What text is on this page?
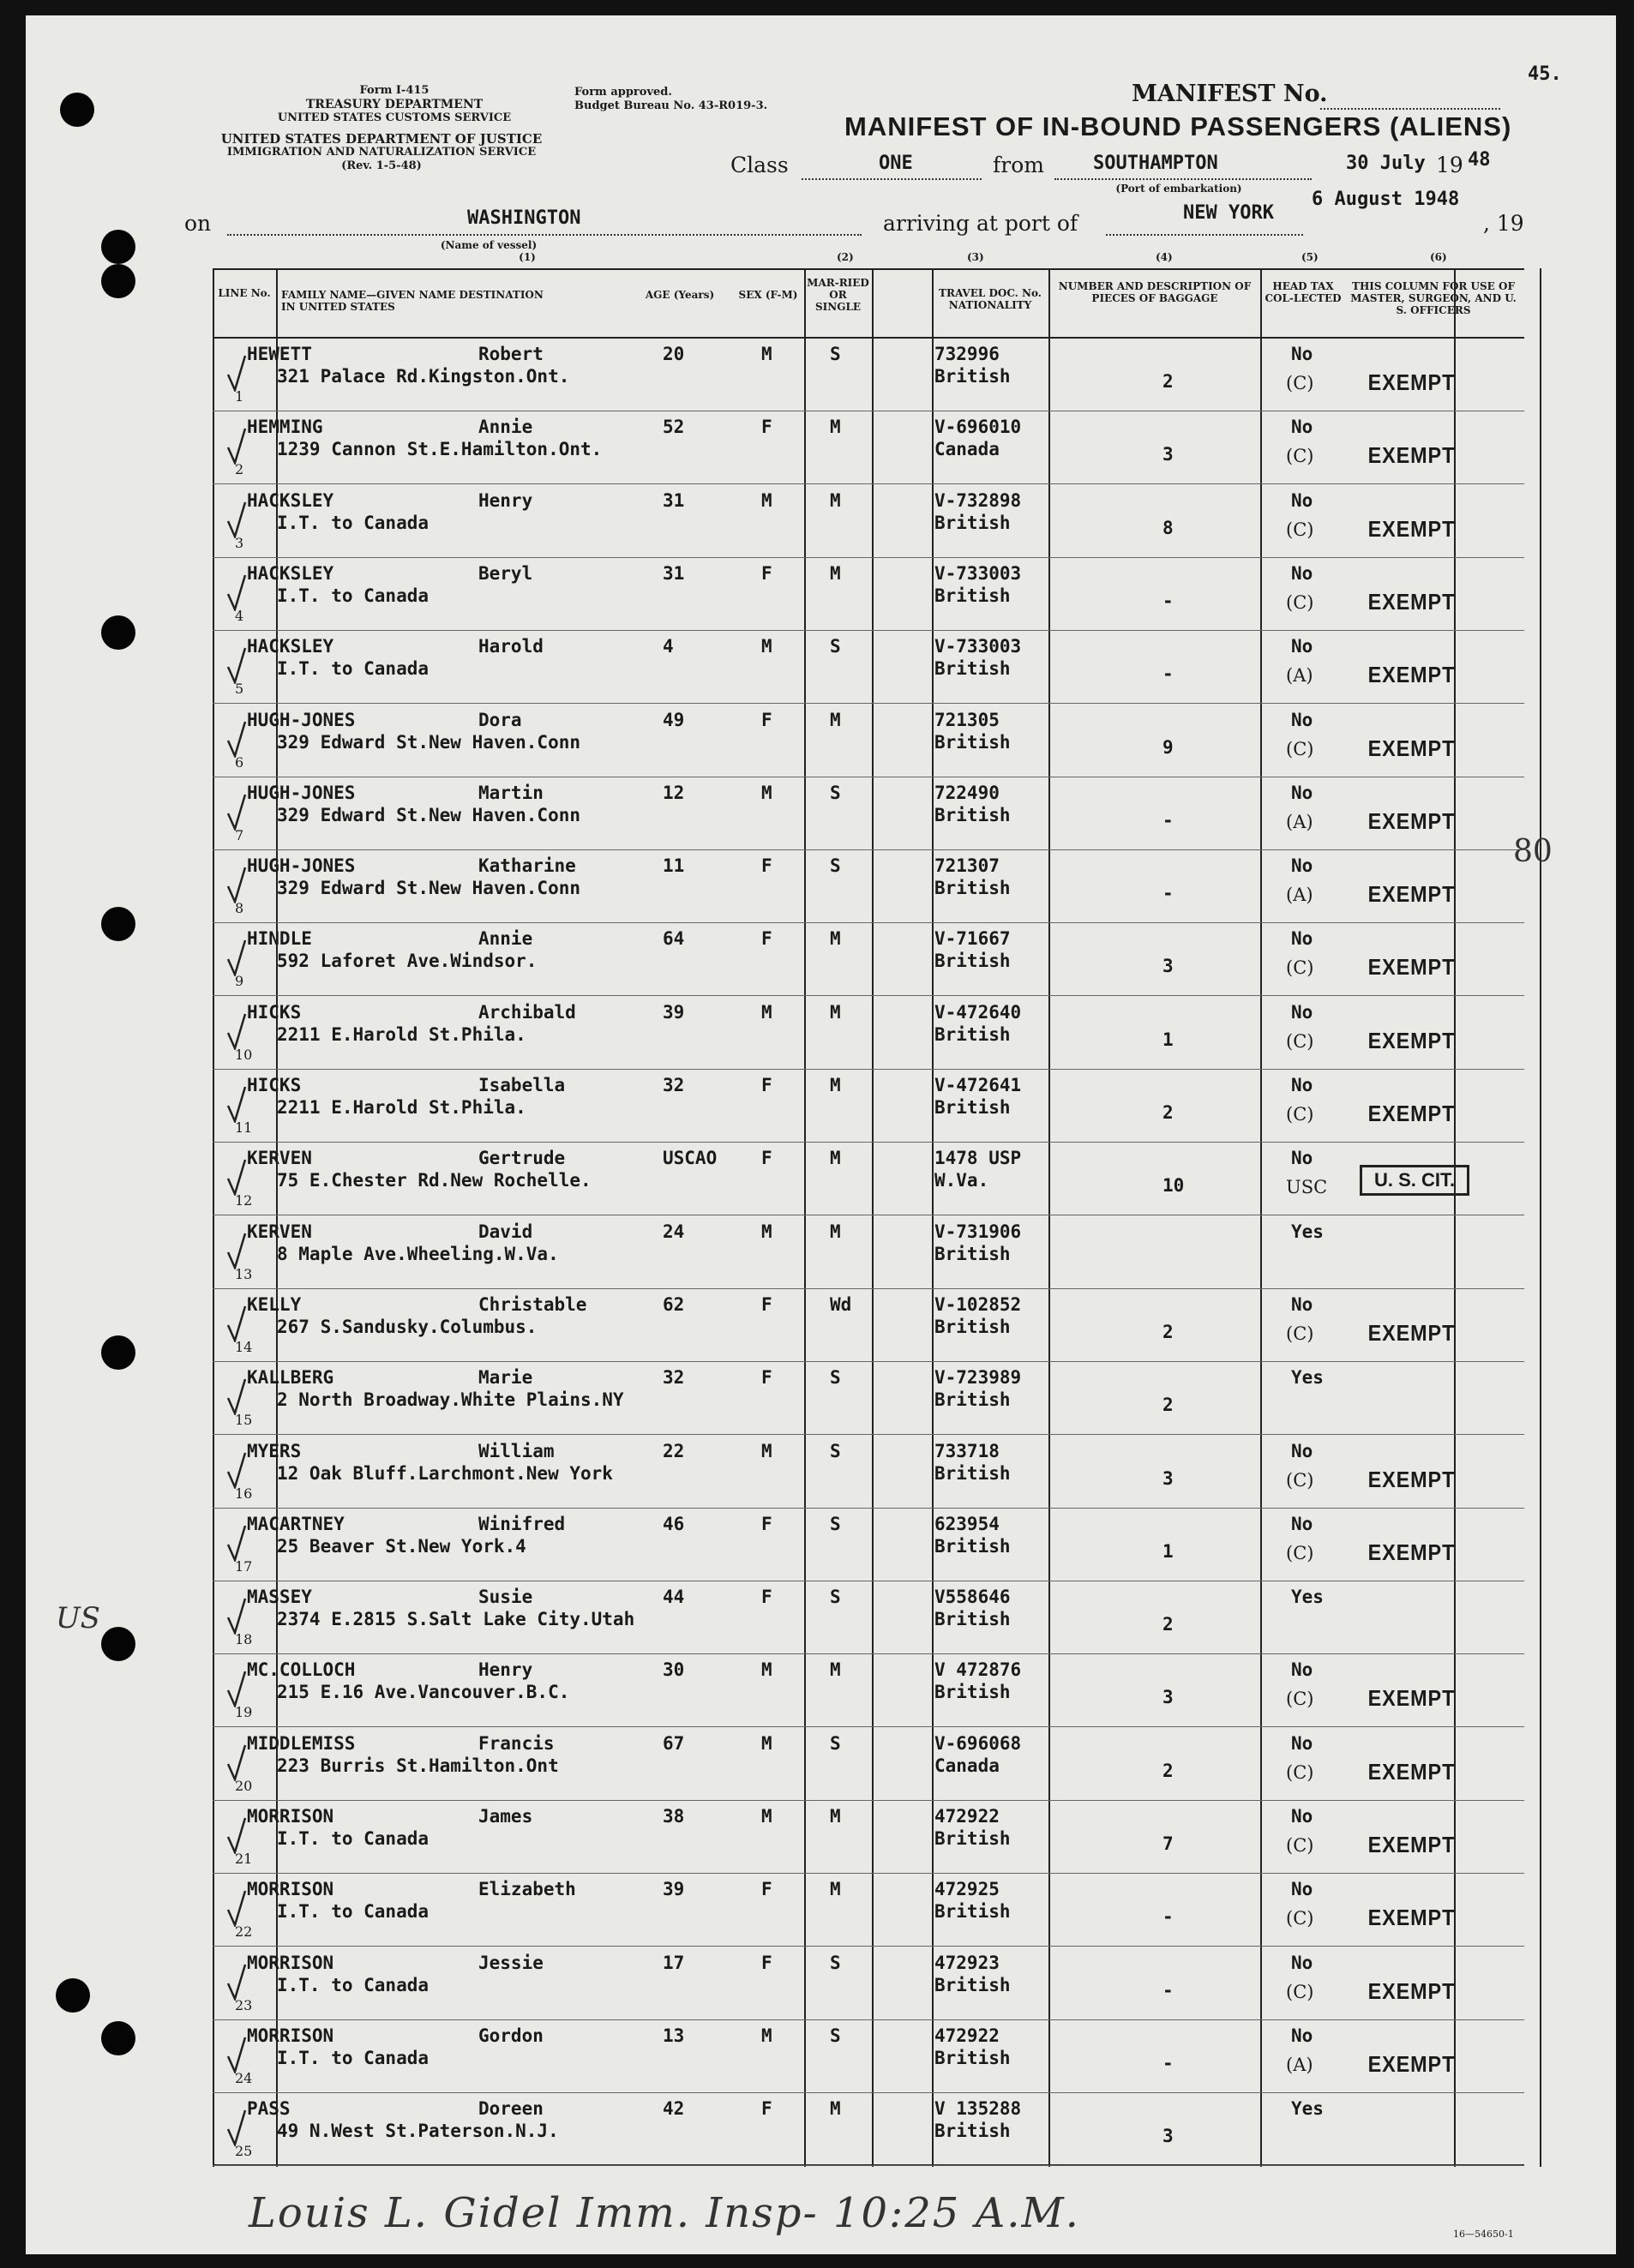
Form I-415
TREASURY DEPARTMENT
UNITED STATES CUSTOMS SERVICE
Form approved.
Budget Bureau No. 43-R019-3.
UNITED STATES DEPARTMENT OF JUSTICE
IMMIGRATION AND NATURALIZATION SERVICE
(Rev. 1-5-48)
MANIFEST No.
45.
MANIFEST OF IN-BOUND PASSENGERS (ALIENS)
Class	ONE	from	SOUTHAMPTON
(Port of embarkation)
30 July 19 48
on	WASHINGTON
(Name of vessel)
(1)
arriving at port of	NEW YORK
6 August 1948
, 19
LINE No.	FAMILY NAME—GIVEN NAME DESTINATION IN UNITED STATES
AGE (Years)	SEX (F-M)
MAR-RIED OR SINGLE
TRAVEL DOC. No. NATIONALITY
NUMBER AND DESCRIPTION OF PIECES OF BAGGAGE
HEAD TAX COL-LECTED
THIS COLUMN FOR USE OF MASTER, SURGEON, AND U. S. OFFICERS
(2)	(3)	(4)	(5)	(6)
1
HEWETT	Robert
321 Palace Rd.Kingston.Ont.
20	M	S	732996
British	2
No
(C) EXEMPT
2
HEMMING	Annie
1239 Cannon St.E.Hamilton.Ont.
52	F	M	V-696010
Canada	3
No
(C) EXEMPT
3
HACKSLEY	Henry
I.T. to Canada
31	M	M	V-732898
British	8
No
(C) EXEMPT
4
HACKSLEY	Beryl
I.T. to Canada
31	F	M	V-733003
British	-
No
(C) EXEMPT
5
HACKSLEY	Harold
I.T. to Canada
4	M	S	V-733003
British	-
No
(A) EXEMPT
6
HUGH-JONES	Dora
329 Edward St.New Haven.Conn
49	F	M	721305
British	9
No
(C) EXEMPT
7
HUGH-JONES	Martin
329 Edward St.New Haven.Conn
12	M	S	722490
British	-
No
(A) EXEMPT
8
HUGH-JONES	Katharine
329 Edward St.New Haven.Conn
11	F	S	721307
British	-
No
(A) EXEMPT
9
HINDLE	Annie
592 Laforet Ave.Windsor.
64	F	M	V-71667
British	3
No
(C) EXEMPT
10
HICKS	Archibald
2211 E.Harold St.Phila.
39	M	M	V-472640
British	1
No
(C) EXEMPT
11
HICKS	Isabella
2211 E.Harold St.Phila.
32	F	M	V-472641
British	2
No
(C) EXEMPT
12
KERVEN	Gertrude
75 E.Chester Rd.New Rochelle.
USCAO F	M	1478 USP
W.Va.	10
No
USC	U. S. CIT.
13
KERVEN	David
8 Maple Ave.Wheeling.W.Va.
24	M	M	V-731906
British
Yes
14
KELLY	Christable
267 S.Sandusky.Columbus.
62	F	Wd	V-102852
British	2
No
(C) EXEMPT
15
KALLBERG	Marie
2 North Broadway.White Plains.NY
32	F	S	V-723989
British	2
Yes
16
MYERS	William
12 Oak Bluff.Larchmont.New York
22	M	S	733718
British	3
No
(C) EXEMPT
17
MACARTNEY	Winifred
25 Beaver St.New York.4
46	F	S	623954
British	1
No
(C) EXEMPT
18
MASSEY	Susie
2374 E.2815 S.Salt Lake City.Utah
44	F	S	V558646
British	2
Yes
19
MC.COLLOCH	Henry
215 E.16 Ave.Vancouver.B.C.
30	M	M	V 472876
British	3
No
(C) EXEMPT
20
MIDDLEMISS	Francis
223 Burris St.Hamilton.Ont
67	M	S	V-696068
Canada	2
No
(C) EXEMPT
21
MORRISON	James
I.T. to Canada
38	M	M	472922
British	7
No
(C) EXEMPT
22
MORRISON	Elizabeth
I.T. to Canada
39	F	M	472925
British	-
No
(C) EXEMPT
23
MORRISON	Jessie
I.T. to Canada
17	F	S	472923
British	-
No
(C) EXEMPT
24
MORRISON	Gordon
I.T. to Canada
13	M	S	472922
British	-
No
(A) EXEMPT
25
PASS	Doreen
49 N.West St.Paterson.N.J.
42	F	M	V 135288
British	3
Yes
80
US
Louis L. Gidel Imm. Insp- 10:25 A.M.	16—54650-1
